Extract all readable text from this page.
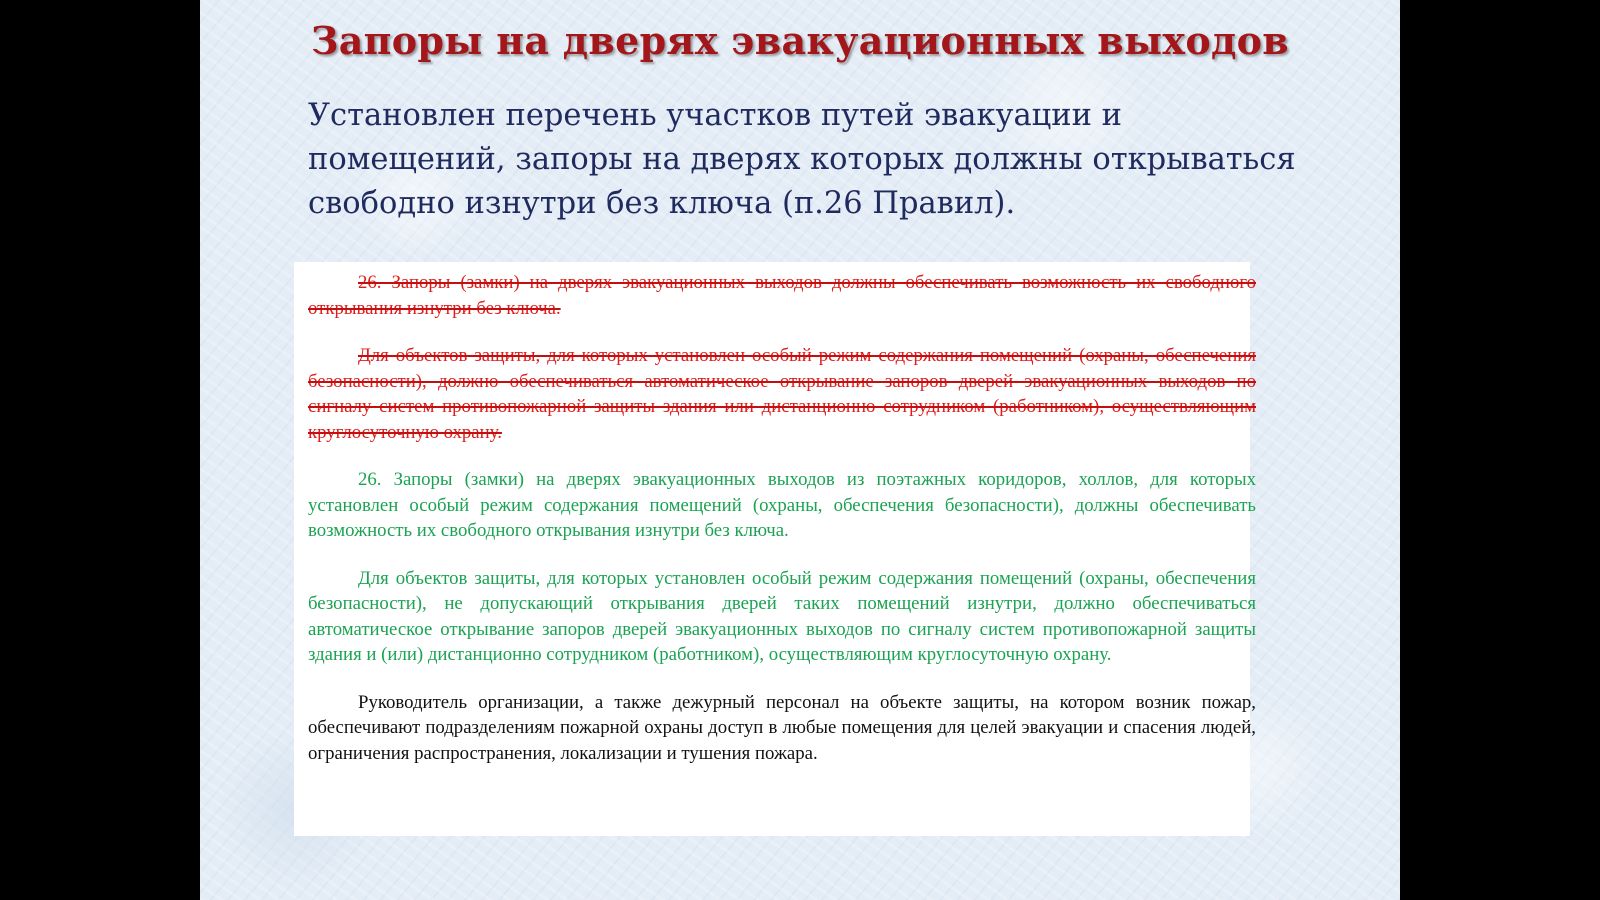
Запоры на дверях эвакуационных выходов

Установлен перечень участков путей эвакуации и помещений, запоры на дверях которых должны открываться свободно изнутри без ключа (п.26 Правил).

26. Запоры (замки) на дверях эвакуационных выходов должны обеспечивать возможность их свободного открывания изнутри без ключа.

Для объектов защиты, для которых установлен особый режим содержания помещений (охраны, обеспечения безопасности), должно обеспечиваться автоматическое открывание запоров дверей эвакуационных выходов по сигналу систем противопожарной защиты здания или дистанционно сотрудником (работником), осуществляющим круглосуточную охрану.

26. Запоры (замки) на дверях эвакуационных выходов из поэтажных коридоров, холлов, для которых установлен особый режим содержания помещений (охраны, обеспечения безопасности), должны обеспечивать возможность их свободного открывания изнутри без ключа.

Для объектов защиты, для которых установлен особый режим содержания помещений (охраны, обеспечения безопасности), не допускающий открывания дверей таких помещений изнутри, должно обеспечиваться автоматическое открывание запоров дверей эвакуационных выходов по сигналу систем противопожарной защиты здания и (или) дистанционно сотрудником (работником), осуществляющим круглосуточную охрану.

Руководитель организации, а также дежурный персонал на объекте защиты, на котором возник пожар, обеспечивают подразделениям пожарной охраны доступ в любые помещения для целей эвакуации и спасения людей, ограничения распространения, локализации и тушения пожара.
